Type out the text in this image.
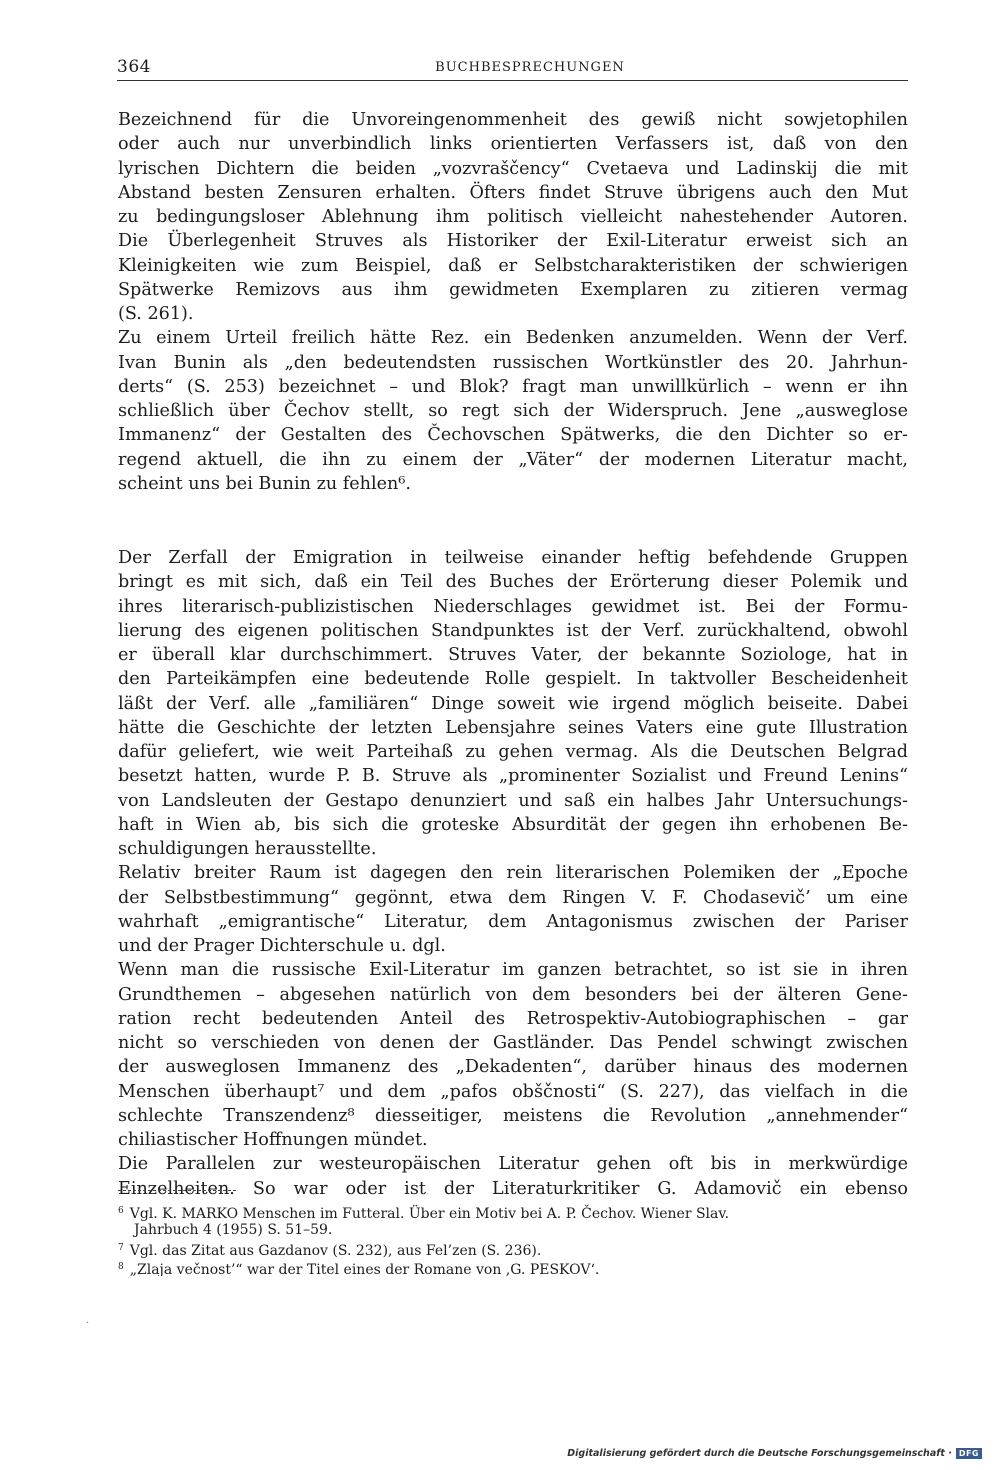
364	BUCHBESPRECHUNGEN
Bezeichnend für die Unvoreingenommenheit des gewiß nicht sowjetophilen
oder auch nur unverbindlich links orientierten Verfassers ist, daß von den
lyrischen Dichtern die beiden „vozvraščency“ Cvetaeva und Ladinskij die mit
Abstand besten Zensuren erhalten. Öfters findet Struve übrigens auch den Mut
zu bedingungsloser Ablehnung ihm politisch vielleicht nahestehender Autoren.
Die Überlegenheit Struves als Historiker der Exil-Literatur erweist sich an
Kleinigkeiten wie zum Beispiel, daß er Selbstcharakteristiken der schwierigen
Spätwerke Remizovs aus ihm gewidmeten Exemplaren zu zitieren vermag
(S. 261).
Zu einem Urteil freilich hätte Rez. ein Bedenken anzumelden. Wenn der Verf.
Ivan Bunin als „den bedeutendsten russischen Wortkünstler des 20. Jahrhun-
derts“ (S. 253) bezeichnet – und Blok? fragt man unwillkürlich – wenn er ihn
schließlich über Čechov stellt, so regt sich der Widerspruch. Jene „ausweglose
Immanenz“ der Gestalten des Čechovschen Spätwerks, die den Dichter so er-
regend aktuell, die ihn zu einem der „Väter“ der modernen Literatur macht,
scheint uns bei Bunin zu fehlen⁶.
Der Zerfall der Emigration in teilweise einander heftig befehdende Gruppen
bringt es mit sich, daß ein Teil des Buches der Erörterung dieser Polemik und
ihres literarisch-publizistischen Niederschlages gewidmet ist. Bei der Formu-
lierung des eigenen politischen Standpunktes ist der Verf. zurückhaltend, obwohl
er überall klar durchschimmert. Struves Vater, der bekannte Soziologe, hat in
den Parteikämpfen eine bedeutende Rolle gespielt. In taktvoller Bescheidenheit
läßt der Verf. alle „familiären“ Dinge soweit wie irgend möglich beiseite. Dabei
hätte die Geschichte der letzten Lebensjahre seines Vaters eine gute Illustration
dafür geliefert, wie weit Parteihaß zu gehen vermag. Als die Deutschen Belgrad
besetzt hatten, wurde P. B. Struve als „prominenter Sozialist und Freund Lenins“
von Landsleuten der Gestapo denunziert und saß ein halbes Jahr Untersuchungs-
haft in Wien ab, bis sich die groteske Absurdität der gegen ihn erhobenen Be-
schuldigungen herausstellte.
Relativ breiter Raum ist dagegen den rein literarischen Polemiken der „Epoche
der Selbstbestimmung“ gegönnt, etwa dem Ringen V. F. Chodasevič’ um eine
wahrhaft „emigrantische“ Literatur, dem Antagonismus zwischen der Pariser
und der Prager Dichterschule u. dgl.
Wenn man die russische Exil-Literatur im ganzen betrachtet, so ist sie in ihren
Grundthemen – abgesehen natürlich von dem besonders bei der älteren Gene-
ration recht bedeutenden Anteil des Retrospektiv-Autobiographischen – gar
nicht so verschieden von denen der Gastländer. Das Pendel schwingt zwischen
der ausweglosen Immanenz des „Dekadenten“, darüber hinaus des modernen
Menschen überhaupt⁷ und dem „pafos obščnosti“ (S. 227), das vielfach in die
schlechte Transzendenz⁸ diesseitiger, meistens die Revolution „annehmender“
chiliastischer Hoffnungen mündet.
Die Parallelen zur westeuropäischen Literatur gehen oft bis in merkwürdige
Einzelheiten. So war oder ist der Literaturkritiker G. Adamovič ein ebenso
$^6$ Vgl. K. MARKO Menschen im Futteral. Über ein Motiv bei A. P. Čechov. Wiener Slav.
Jahrbuch 4 (1955) S. 51–59.
$^7$ Vgl. das Zitat aus Gazdanov (S. 232), aus Fel’zen (S. 236).
$^8$ „Zlaja večnost’“ war der Titel eines der Romane von ‚G. PESKOV‘.
·
Digitalisierung gefördert durch die Deutsche Forschungsgemeinschaft · DFG
